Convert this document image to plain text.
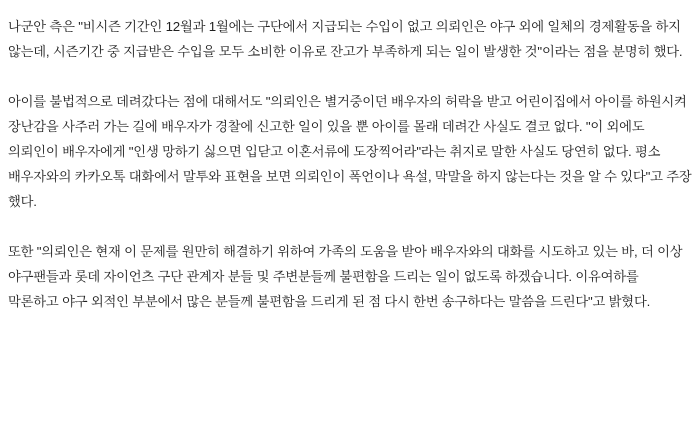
나군안 측은 "비시즌 기간인 12월과 1월에는 구단에서 지급되는 수입이 없고 의뢰인은 야구 외에 일체의 경제활동을 하지 않는데, 시즌기간 중 지급받은 수입을 모두 소비한 이유로 잔고가 부족하게 되는 일이 발생한 것"이라는 점을 분명히 했다.

아이를 불법적으로 데려갔다는 점에 대해서도 "의뢰인은 별거중이던 배우자의 허락을 받고 어린이집에서 아이를 하원시켜 장난감을 사주러 가는 길에 배우자가 경찰에 신고한 일이 있을 뿐 아이를 몰래 데려간 사실도 결코 없다. "이 외에도 의뢰인이 배우자에게 "인생 망하기 싫으면 입닫고 이혼서류에 도장찍어라"라는 취지로 말한 사실도 당연히 없다. 평소 배우자와의 카카오톡 대화에서 말투와 표현을 보면 의뢰인이 폭언이나 욕설, 막말을 하지 않는다는 것을 알 수 있다"고 주장 했다.

또한 "의뢰인은 현재 이 문제를 원만히 해결하기 위하여 가족의 도움을 받아 배우자와의 대화를 시도하고 있는 바, 더 이상 야구팬들과 롯데 자이언츠 구단 관계자 분들 및 주변분들께 불편함을 드리는 일이 없도록 하겠습니다. 이유여하를 막론하고 야구 외적인 부분에서 많은 분들께 불편함을 드리게 된 점 다시 한번 송구하다는 말씀을 드린다"고 밝혔다.
